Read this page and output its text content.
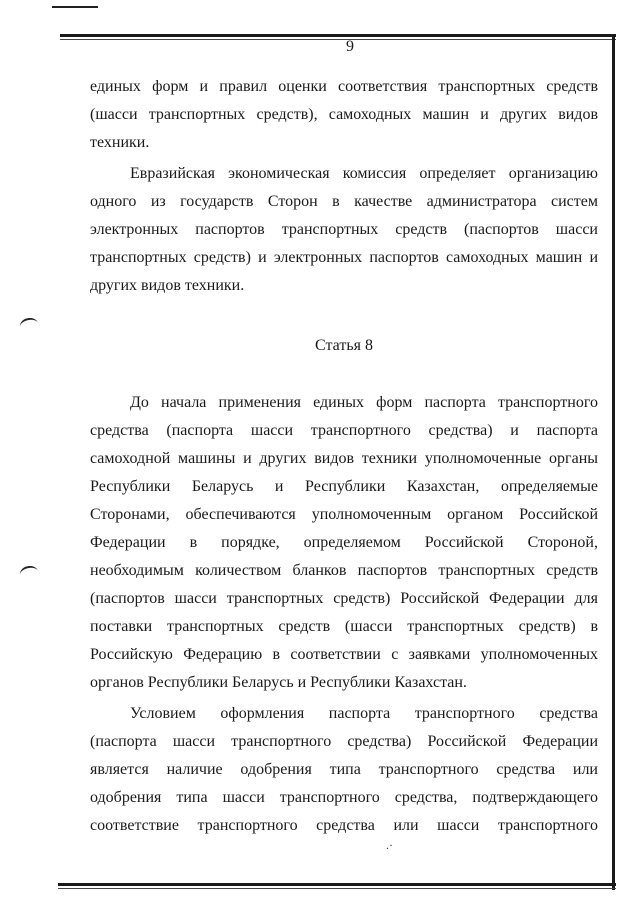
.·
9
единых форм и правил оценки соответствия транспортных средств
(шасси транспортных средств), самоходных машин и других видов
техники.
Евразийская экономическая комиссия определяет организацию
одного из государств Сторон в качестве администратора систем
электронных паспортов транспортных средств (паспортов шасси
транспортных средств) и электронных паспортов самоходных машин и
других видов техники.
Статья 8
До начала применения единых форм паспорта транспортного
средства (паспорта шасси транспортного средства) и паспорта
самоходной машины и других видов техники уполномоченные органы
Республики Беларусь и Республики Казахстан, определяемые
Сторонами, обеспечиваются уполномоченным органом Российской
Федерации в порядке, определяемом Российской Стороной,
необходимым количеством бланков паспортов транспортных средств
(паспортов шасси транспортных средств) Российской Федерации для
поставки транспортных средств (шасси транспортных средств) в
Российскую Федерацию в соответствии с заявками уполномоченных
органов Республики Беларусь и Республики Казахстан.
Условием оформления паспорта транспортного средства
(паспорта шасси транспортного средства) Российской Федерации
является наличие одобрения типа транспортного средства или
одобрения типа шасси транспортного средства, подтверждающего
соответствие транспортного средства или шасси транспортного
